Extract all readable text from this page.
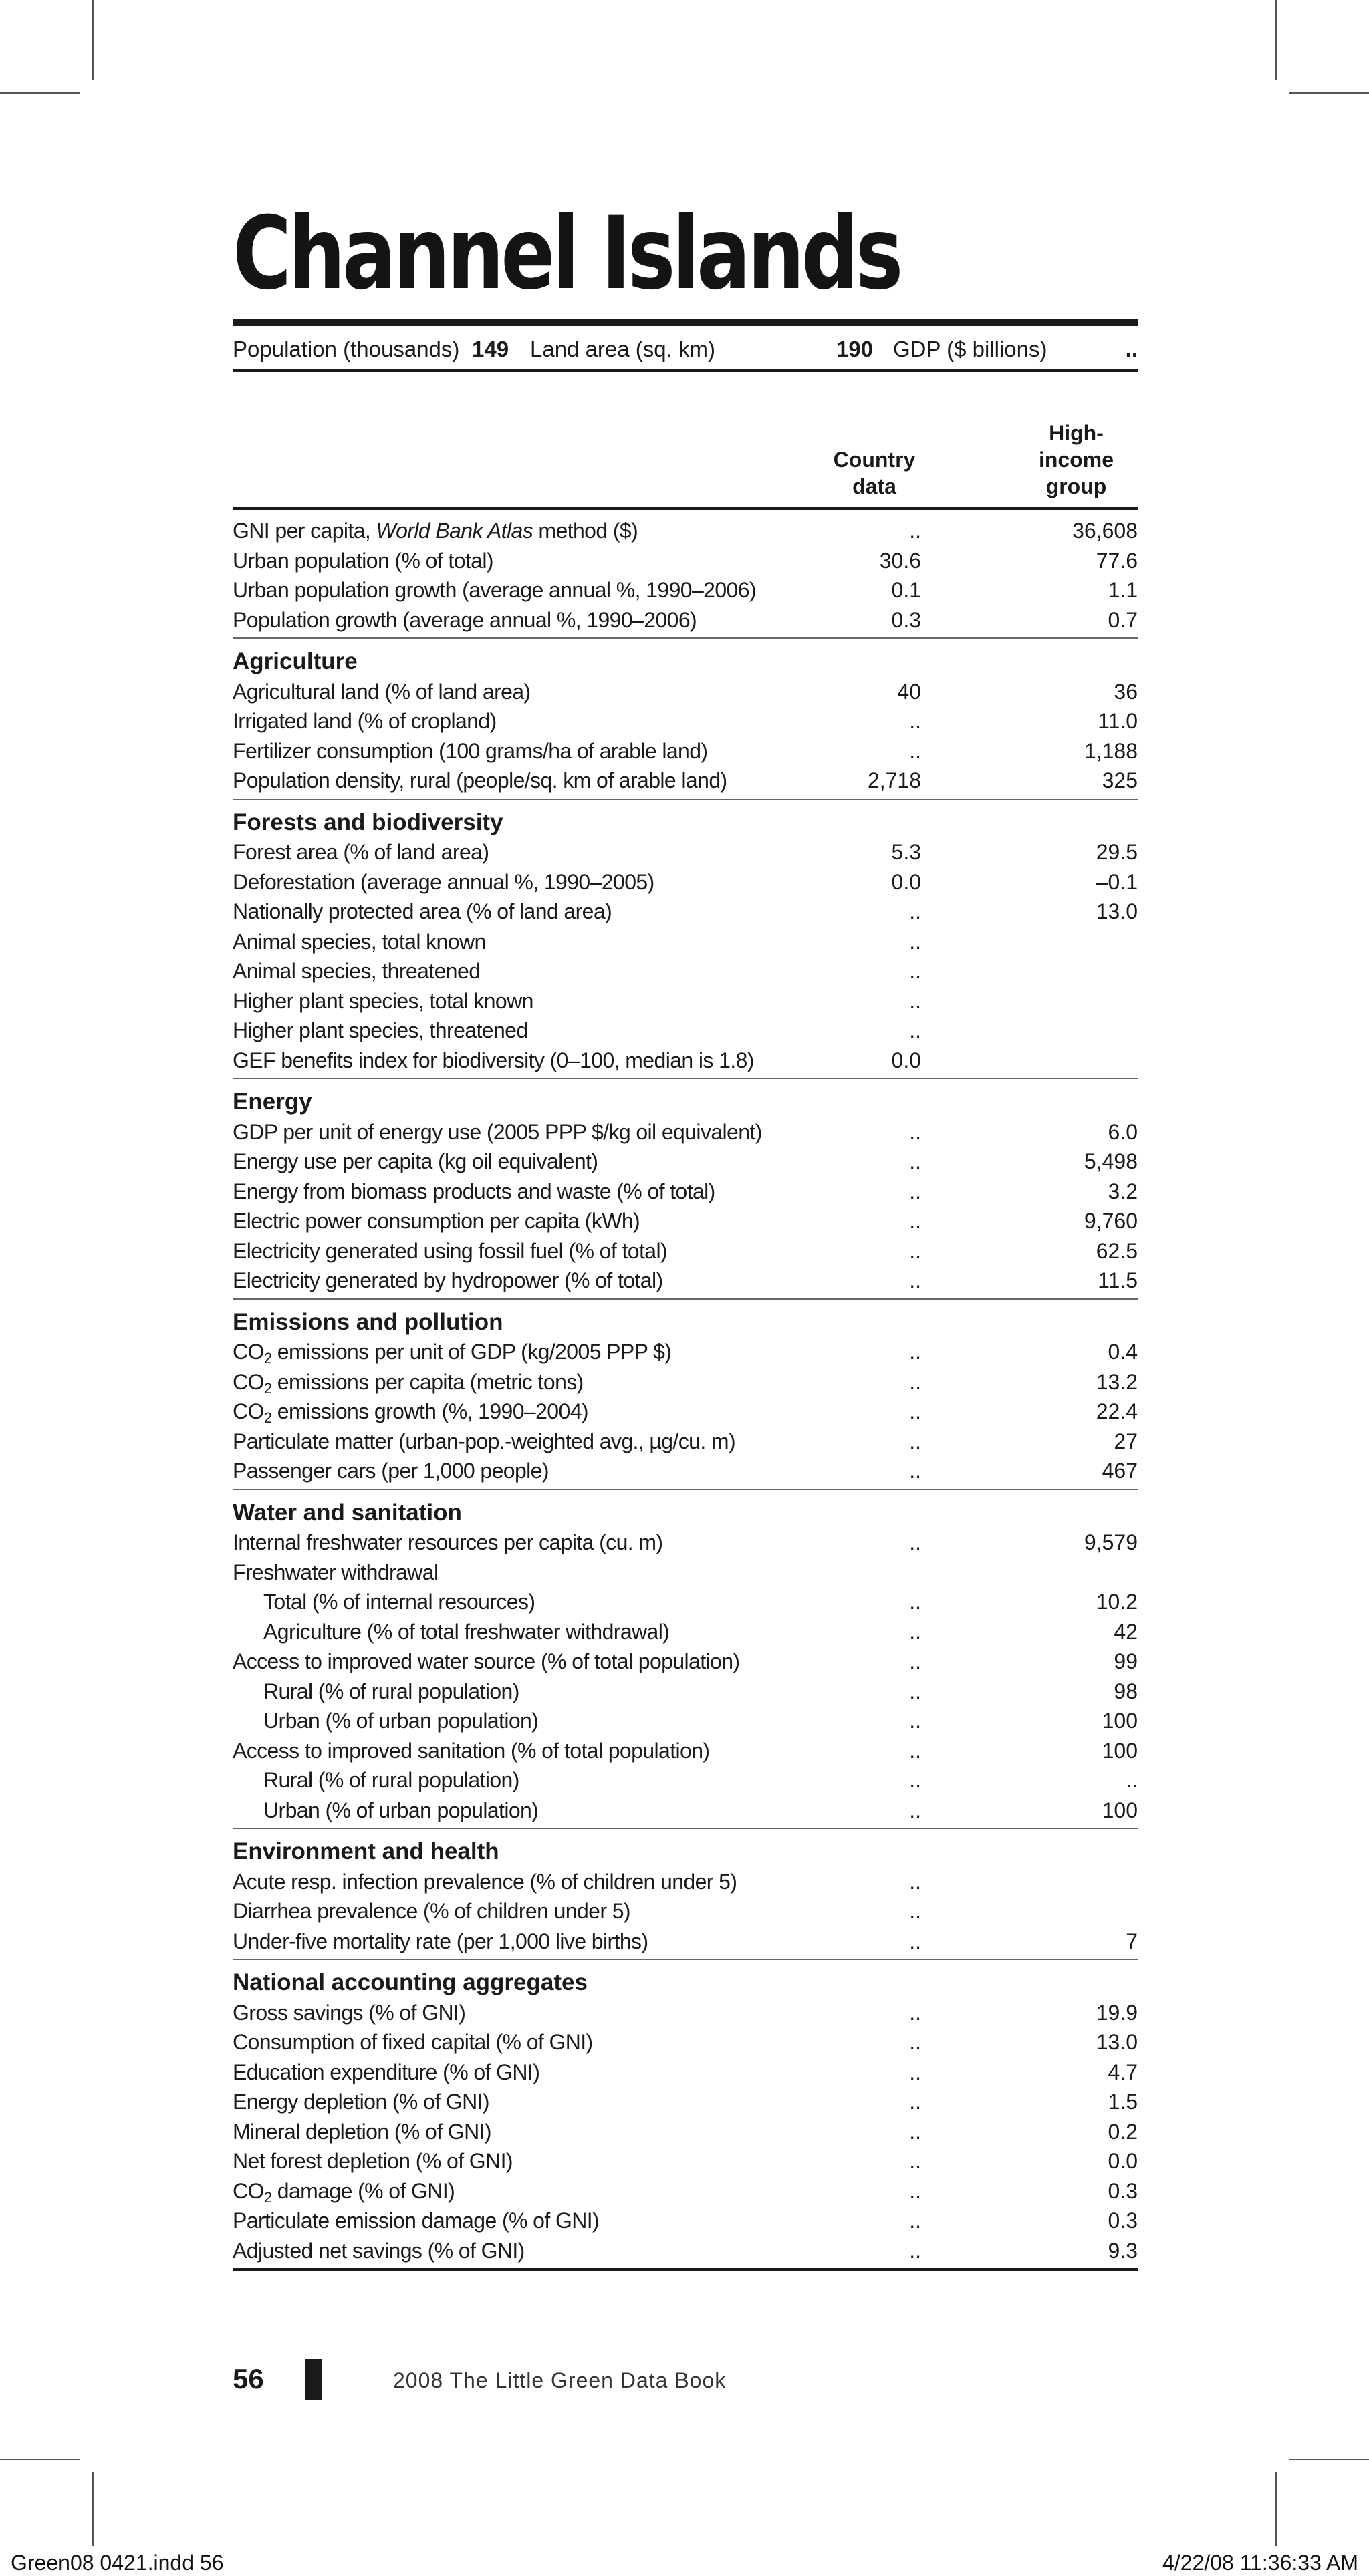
Channel Islands
Population (thousands) 149 Land area (sq. km)	190 GDP ($ billions)	..
Country
data
High-
income
group
GNI per capita, World Bank Atlas method ($)	..	36,608
Urban population (% of total)	30.6	77.6
Urban population growth (average annual %, 1990–2006)	0.1	1.1
Population growth (average annual %, 1990–2006)	0.3	0.7
Agriculture
Agricultural land (% of land area)	40	36
Irrigated land (% of cropland)	..	11.0
Fertilizer consumption (100 grams/ha of arable land)	..	1,188
Population density, rural (people/sq. km of arable land)	2,718	325
Forests and biodiversity
Forest area (% of land area)	5.3	29.5
Deforestation (average annual %, 1990–2005)	0.0	–0.1
Nationally protected area (% of land area)	..	13.0
Animal species, total known	..
Animal species, threatened	..
Higher plant species, total known	..
Higher plant species, threatened	..
GEF benefits index for biodiversity (0–100, median is 1.8)	0.0
Energy
GDP per unit of energy use (2005 PPP $/kg oil equivalent)	..	6.0
Energy use per capita (kg oil equivalent)	..	5,498
Energy from biomass products and waste (% of total)	..	3.2
Electric power consumption per capita (kWh)	..	9,760
Electricity generated using fossil fuel (% of total)	..	62.5
Electricity generated by hydropower (% of total)	..	11.5
Emissions and pollution
$CO_2$ emissions per unit of GDP (kg/2005 PPP $)	..	0.4
$CO_2$ emissions per capita (metric tons)	..	13.2
$CO_2$ emissions growth (%, 1990–2004)	..	22.4
Particulate matter (urban-pop.-weighted avg., µg/cu. m)	..	27
Passenger cars (per 1,000 people)	..	467
Water and sanitation
Internal freshwater resources per capita (cu. m)	..	9,579
Freshwater withdrawal
Total (% of internal resources)	..	10.2
Agriculture (% of total freshwater withdrawal)	..	42
Access to improved water source (% of total population)	..	99
Rural (% of rural population)	..	98
Urban (% of urban population)	..	100
Access to improved sanitation (% of total population)	..	100
Rural (% of rural population)	..	..
Urban (% of urban population)	..	100
Environment and health
Acute resp. infection prevalence (% of children under 5)	..
Diarrhea prevalence (% of children under 5)	..
Under-five mortality rate (per 1,000 live births)	..	7
National accounting aggregates
Gross savings (% of GNI)	..	19.9
Consumption of fixed capital (% of GNI)	..	13.0
Education expenditure (% of GNI)	..	4.7
Energy depletion (% of GNI)	..	1.5
Mineral depletion (% of GNI)	..	0.2
Net forest depletion (% of GNI)	..	0.0
$CO_2$ damage (% of GNI)	..	0.3
Particulate emission damage (% of GNI)	..	0.3
Adjusted net savings (% of GNI)	..	9.3
56	2008 The Little Green Data Book
Green08 0421.indd 56	4/22/08 11:36:33 AM
